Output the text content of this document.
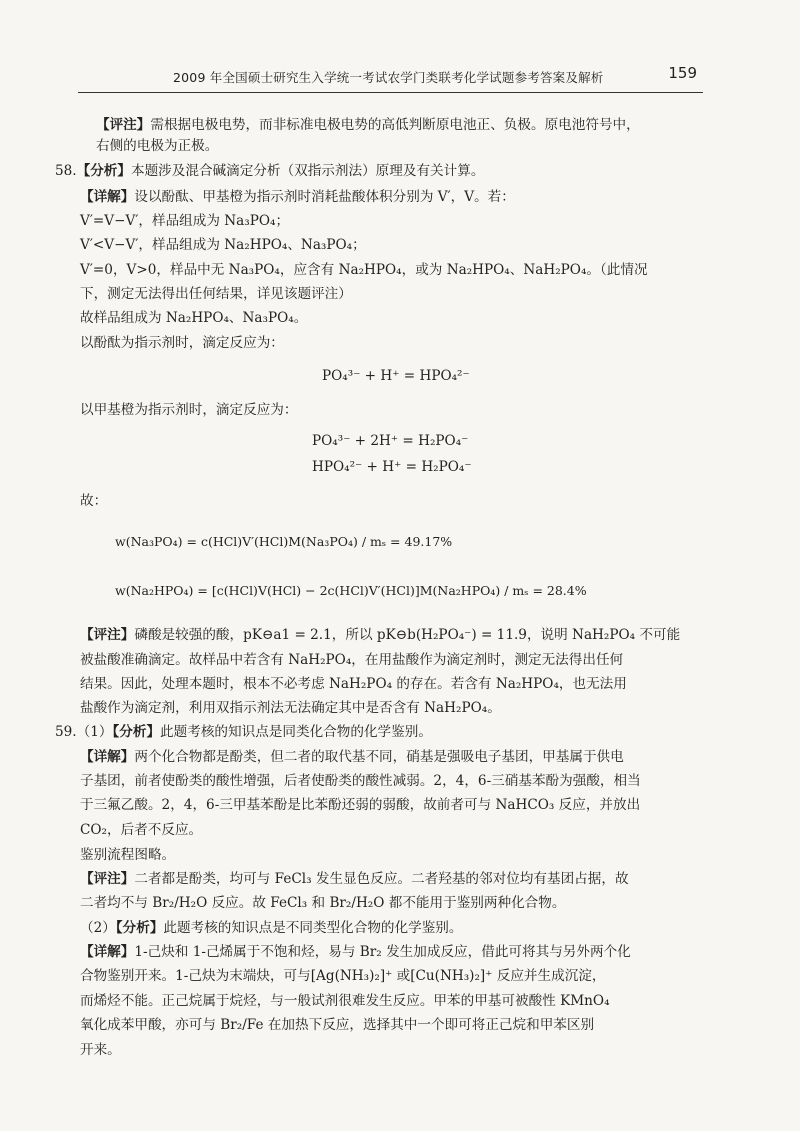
2009 年全国硕士研究生入学统一考试农学门类联考化学试题参考答案及解析	159
【评注】需根据电极电势，而非标准电极电势的高低判断原电池正、负极。原电池符号中，
右侧的电极为正极。
58.【分析】本题涉及混合碱滴定分析（双指示剂法）原理及有关计算。
【详解】设以酚酞、甲基橙为指示剂时消耗盐酸体积分别为 V′，V。若：
V′=V−V′，样品组成为 Na₃PO₄；
V′<V−V′，样品组成为 Na₂HPO₄、Na₃PO₄；
V′=0，V>0，样品中无 Na₃PO₄，应含有 Na₂HPO₄，或为 Na₂HPO₄、NaH₂PO₄。（此情况
下，测定无法得出任何结果，详见该题评注）
故样品组成为 Na₂HPO₄、Na₃PO₄。
以酚酞为指示剂时，滴定反应为：
PO₄³⁻ + H⁺ = HPO₄²⁻
以甲基橙为指示剂时，滴定反应为：
PO₄³⁻ + 2H⁺ = H₂PO₄⁻
HPO₄²⁻ + H⁺ = H₂PO₄⁻
故：
w(Na₃PO₄) = c(HCl)V′(HCl)M(Na₃PO₄) / mₛ = 49.17%
w(Na₂HPO₄) = [c(HCl)V(HCl) − 2c(HCl)V′(HCl)]M(Na₂HPO₄) / mₛ = 28.4%
【评注】磷酸是较强的酸，pK⊖a1 = 2.1，所以 pK⊖b(H₂PO₄⁻) = 11.9，说明 NaH₂PO₄ 不可能
被盐酸准确滴定。故样品中若含有 NaH₂PO₄，在用盐酸作为滴定剂时，测定无法得出任何
结果。因此，处理本题时，根本不必考虑 NaH₂PO₄ 的存在。若含有 Na₂HPO₄，也无法用
盐酸作为滴定剂，利用双指示剂法无法确定其中是否含有 NaH₂PO₄。
59.（1）【分析】此题考核的知识点是同类化合物的化学鉴别。
【详解】两个化合物都是酚类，但二者的取代基不同，硝基是强吸电子基团，甲基属于供电
子基团，前者使酚类的酸性增强，后者使酚类的酸性减弱。2，4，6-三硝基苯酚为强酸，相当
于三氟乙酸。2，4，6-三甲基苯酚是比苯酚还弱的弱酸，故前者可与 NaHCO₃ 反应，并放出
CO₂，后者不反应。
鉴别流程图略。
【评注】二者都是酚类，均可与 FeCl₃ 发生显色反应。二者羟基的邻对位均有基团占据，故
二者均不与 Br₂/H₂O 反应。故 FeCl₃ 和 Br₂/H₂O 都不能用于鉴别两种化合物。
（2）【分析】此题考核的知识点是不同类型化合物的化学鉴别。
【详解】1-己炔和 1-己烯属于不饱和烃，易与 Br₂ 发生加成反应，借此可将其与另外两个化
合物鉴别开来。1-己炔为末端炔，可与[Ag(NH₃)₂]⁺ 或[Cu(NH₃)₂]⁺ 反应并生成沉淀，
而烯烃不能。正己烷属于烷烃，与一般试剂很难发生反应。甲苯的甲基可被酸性 KMnO₄
氧化成苯甲酸，亦可与 Br₂/Fe 在加热下反应，选择其中一个即可将正己烷和甲苯区别
开来。
